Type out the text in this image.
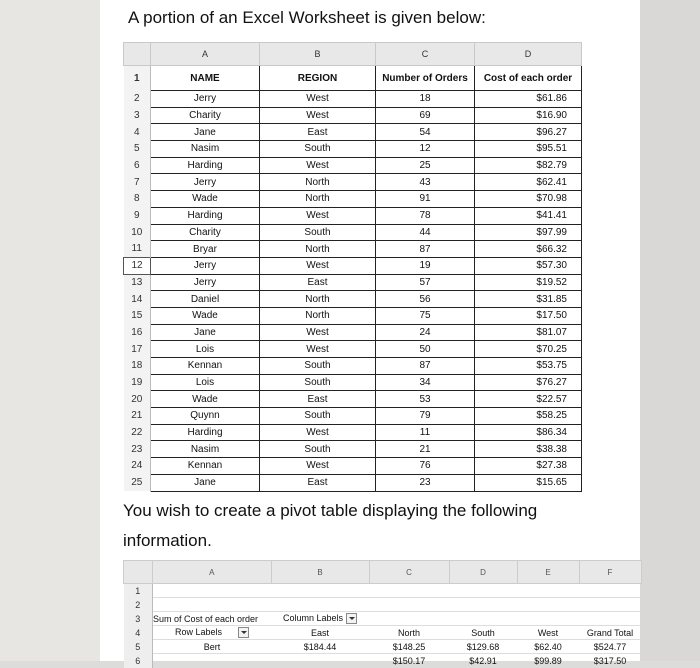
A portion of an Excel Worksheet is given below:
	A	B	C	D
1	NAME	REGION	Number of Orders	Cost of each order
2	Jerry	West	18	$61.86
3	Charity	West	69	$16.90
4	Jane	East	54	$96.27
5	Nasim	South	12	$95.51
6	Harding	West	25	$82.79
7	Jerry	North	43	$62.41
8	Wade	North	91	$70.98
9	Harding	West	78	$41.41
10	Charity	South	44	$97.99
11	Bryar	North	87	$66.32
12	Jerry	West	19	$57.30
13	Jerry	East	57	$19.52
14	Daniel	North	56	$31.85
15	Wade	North	75	$17.50
16	Jane	West	24	$81.07
17	Lois	West	50	$70.25
18	Kennan	South	87	$53.75
19	Lois	South	34	$76.27
20	Wade	East	53	$22.57
21	Quynn	South	79	$58.25
22	Harding	West	11	$86.34
23	Nasim	South	21	$38.38
24	Kennan	West	76	$27.38
25	Jane	East	23	$15.65

You wish to create a pivot table displaying the following information.

	A	B	C	D	E	F
1						
2						
3	Sum of Cost of each order	Column Labels				
4	Row Labels	East	North	South	West	Grand Total
5	Bert	$184.44	$148.25	$129.68	$62.40	$524.77
6			$150.17	$42.91	$99.89	$317.50
